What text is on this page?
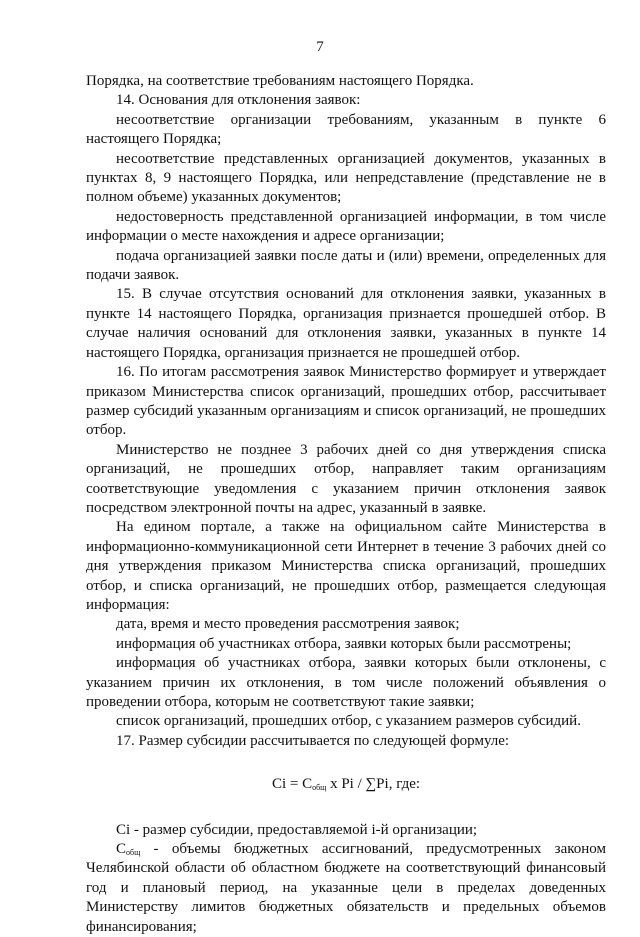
7

Порядка, на соответствие требованиям настоящего Порядка.

14. Основания для отклонения заявок:

несоответствие организации требованиям, указанным в пункте 6 настоящего Порядка;

несоответствие представленных организацией документов, указанных в пунктах 8, 9 настоящего Порядка, или непредставление (представление не в полном объеме) указанных документов;

недостоверность представленной организацией информации, в том числе информации о месте нахождения и адресе организации;

подача организацией заявки после даты и (или) времени, определенных для подачи заявок.

15. В случае отсутствия оснований для отклонения заявки, указанных в пункте 14 настоящего Порядка, организация признается прошедшей отбор. В случае наличия оснований для отклонения заявки, указанных в пункте 14 настоящего Порядка, организация признается не прошедшей отбор.

16. По итогам рассмотрения заявок Министерство формирует и утверждает приказом Министерства список организаций, прошедших отбор, рассчитывает размер субсидий указанным организациям и список организаций, не прошедших отбор.

Министерство не позднее 3 рабочих дней со дня утверждения списка организаций, не прошедших отбор, направляет таким организациям соответствующие уведомления с указанием причин отклонения заявок посредством электронной почты на адрес, указанный в заявке.

На едином портале, а также на официальном сайте Министерства в информационно-коммуникационной сети Интернет в течение 3 рабочих дней со дня утверждения приказом Министерства списка организаций, прошедших отбор, и списка организаций, не прошедших отбор, размещается следующая информация:

дата, время и место проведения рассмотрения заявок;

информация об участниках отбора, заявки которых были рассмотрены;

информация об участниках отбора, заявки которых были отклонены, с указанием причин их отклонения, в том числе положений объявления о проведении отбора, которым не соответствуют такие заявки;

список организаций, прошедших отбор, с указанием размеров субсидий.

17. Размер субсидии рассчитывается по следующей формуле:

$Ci = C_{общ}$ x Pi / ∑Pi, где:

Ci - размер субсидии, предоставляемой i-й организации;

$C_{общ}$ - объемы бюджетных ассигнований, предусмотренных законом Челябинской области об областном бюджете на соответствующий финансовый год и плановый период, на указанные цели в пределах доведенных Министерству лимитов бюджетных обязательств и предельных объемов финансирования;
